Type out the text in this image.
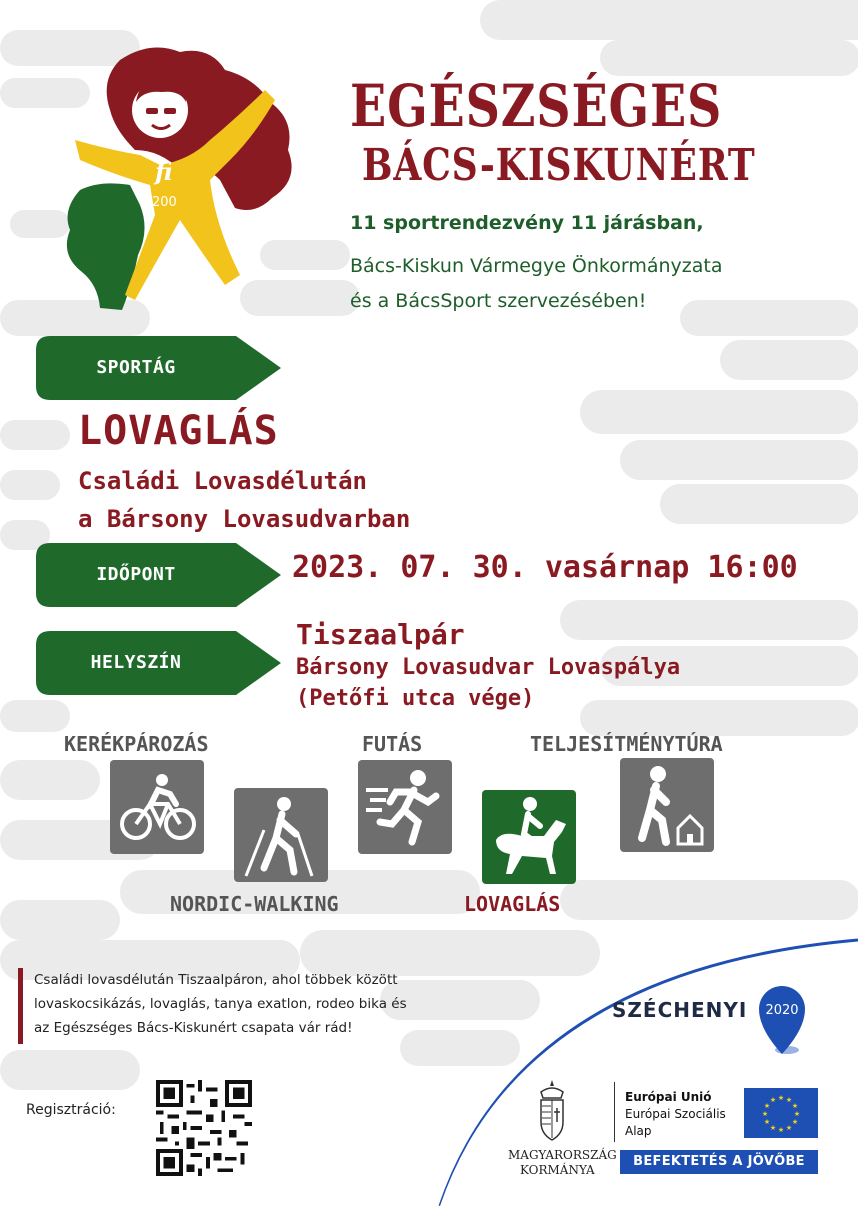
fi
200
EGÉSZSÉGES
BÁCS-KISKUNÉRT
11 sportrendezvény 11 járásban,
Bács-Kiskun Vármegye Önkormányzata
és a BácsSport szervezésében!
SPORTÁG
LOVAGLÁS
Családi Lovasdélután
a Bársony Lovasudvarban
IDŐPONT	2023. 07. 30. vasárnap 16:00
HELYSZÍN
Tiszaalpár
Bársony Lovasudvar Lovaspálya
(Petőfi utca vége)
KERÉKPÁROZÁS	FUTÁS	TELJESÍTMÉNYTÚRA
NORDIC-WALKING	LOVAGLÁS
Családi lovasdélután Tiszaalpáron, ahol többek között
lovaskocsikázás, lovaglás, tanya exatlon, rodeo bika és
az Egészséges Bács-Kiskunért csapata vár rád!
Regisztráció:
SZÉCHENYI 2020
MAGYARORSZÁG
KORMÁNYA
Európai Unió
Európai Szociális
Alap
★ ★
★
★
★
★
★
★
★
★
★
★
BEFEKTETÉS A JÖVŐBE
